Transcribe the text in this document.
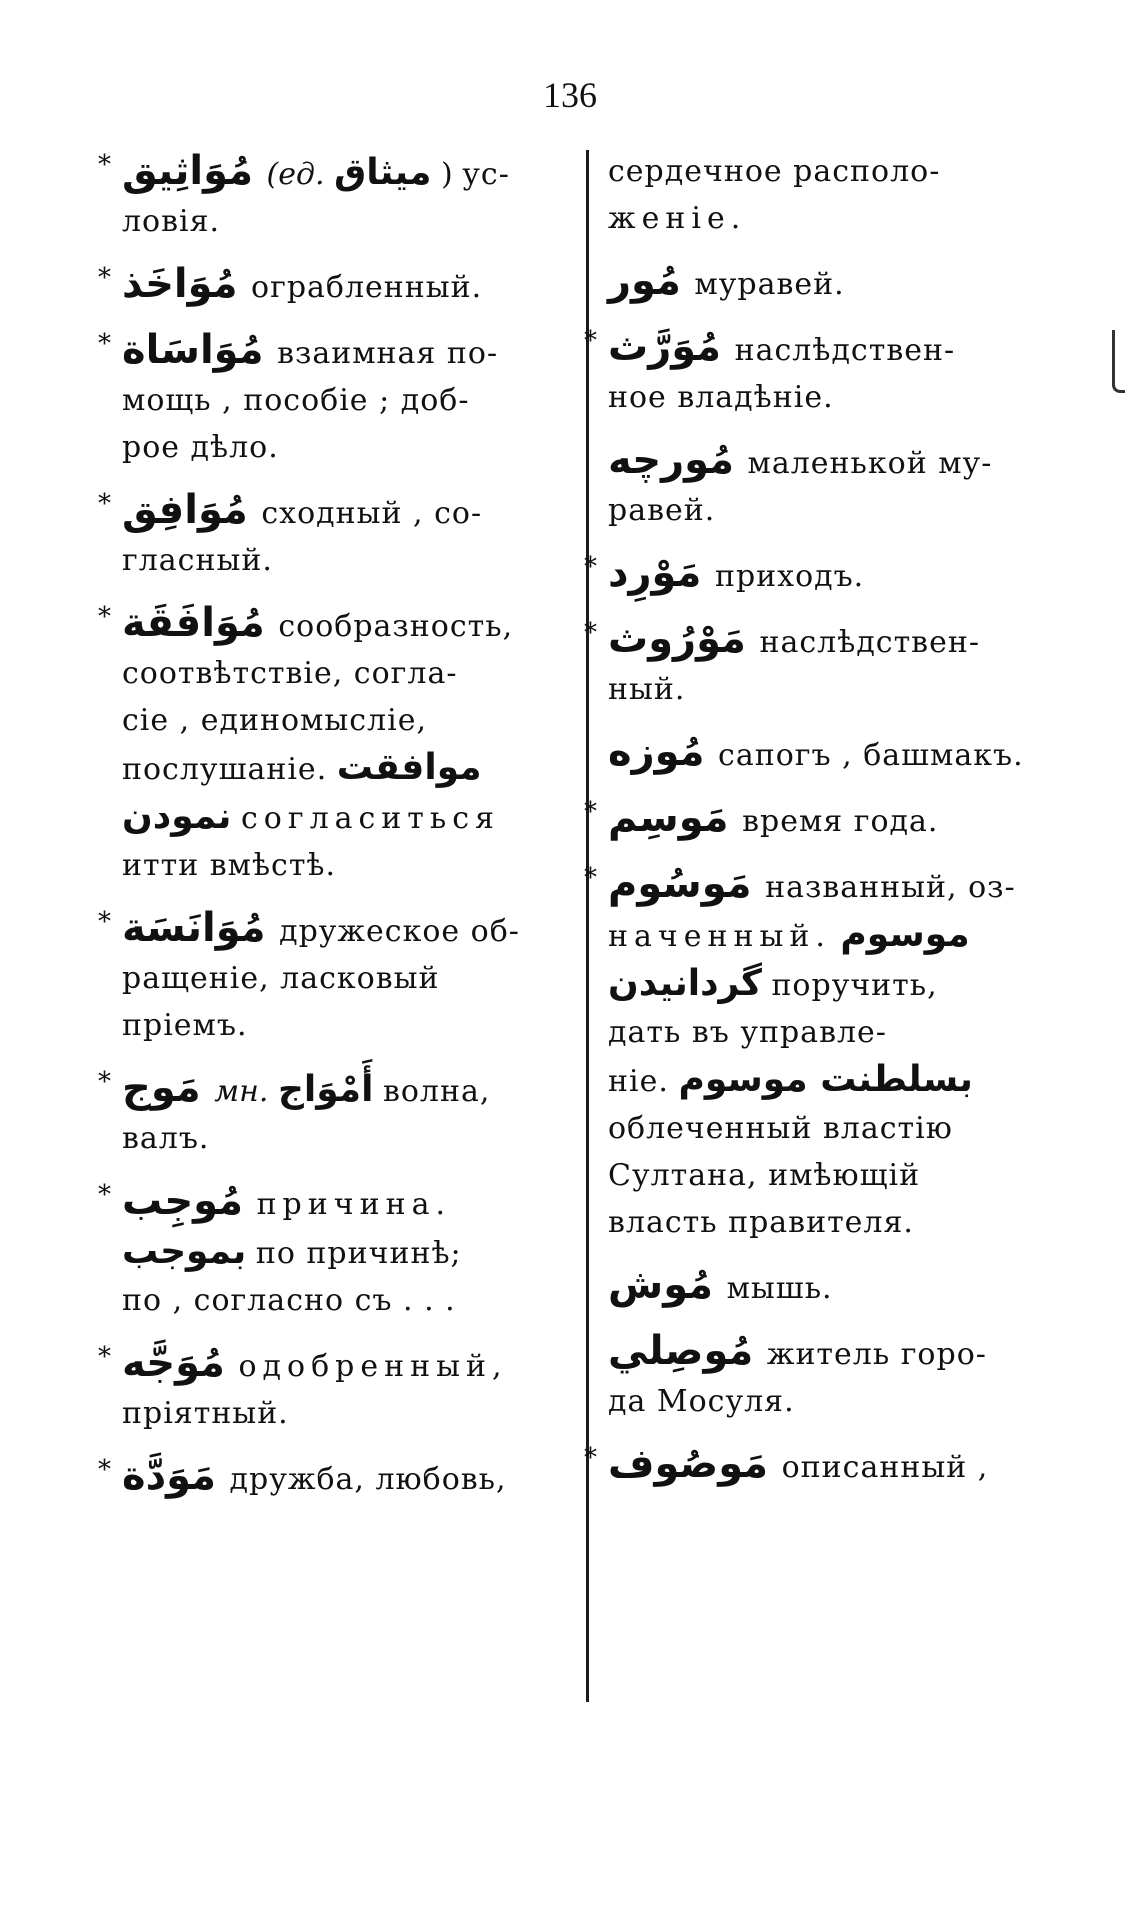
136
* مُوَاثِيق (ед. ميثاق ) ус-
ловія.
* مُوَاخَذ ограбленный.
* مُوَاسَاة взаимная по-
мощь , пособіе ; доб-
рое дѣло.
* مُوَافِق сходный , со-
гласный.
* مُوَافَقَة сообразность,
соотвѣтствіе, согла-
сіе , единомысліе,
послушаніе. موافقت
نمودن согласиться
итти вмѣстѣ.
* مُوَانَسَة дружеское об-
ращеніе, ласковый
пріемъ.
* مَوج мн. أَمْوَاج волна,
валъ.
* مُوجِب причина.
بموجب по причинѣ;
по , согласно съ . . .
* مُوَجَّه одобренный,
пріятный.
* مَوَدَّة дружба, любовь,
сердечное располо-
женіе.
مُور муравей.
* مُوَرَّث наслѣдствен-
ное владѣніе.
مُورچه маленькой му-
равей.
* مَوْرِد приходъ.
* مَوْرُوث наслѣдствен-
ный.
مُوزه сапогъ , башмакъ.
* مَوسِم время года.
* مَوسُوم названный, оз-
наченный. موسوم
گردانیدن поручить,
дать въ управле-
ніе. بسلطنت موسوم
облеченный властію
Султана, имѣющій
власть правителя.
مُوش мышь.
مُوصِلي житель горо-
да Мосуля.
* مَوصُوف описанный ,
